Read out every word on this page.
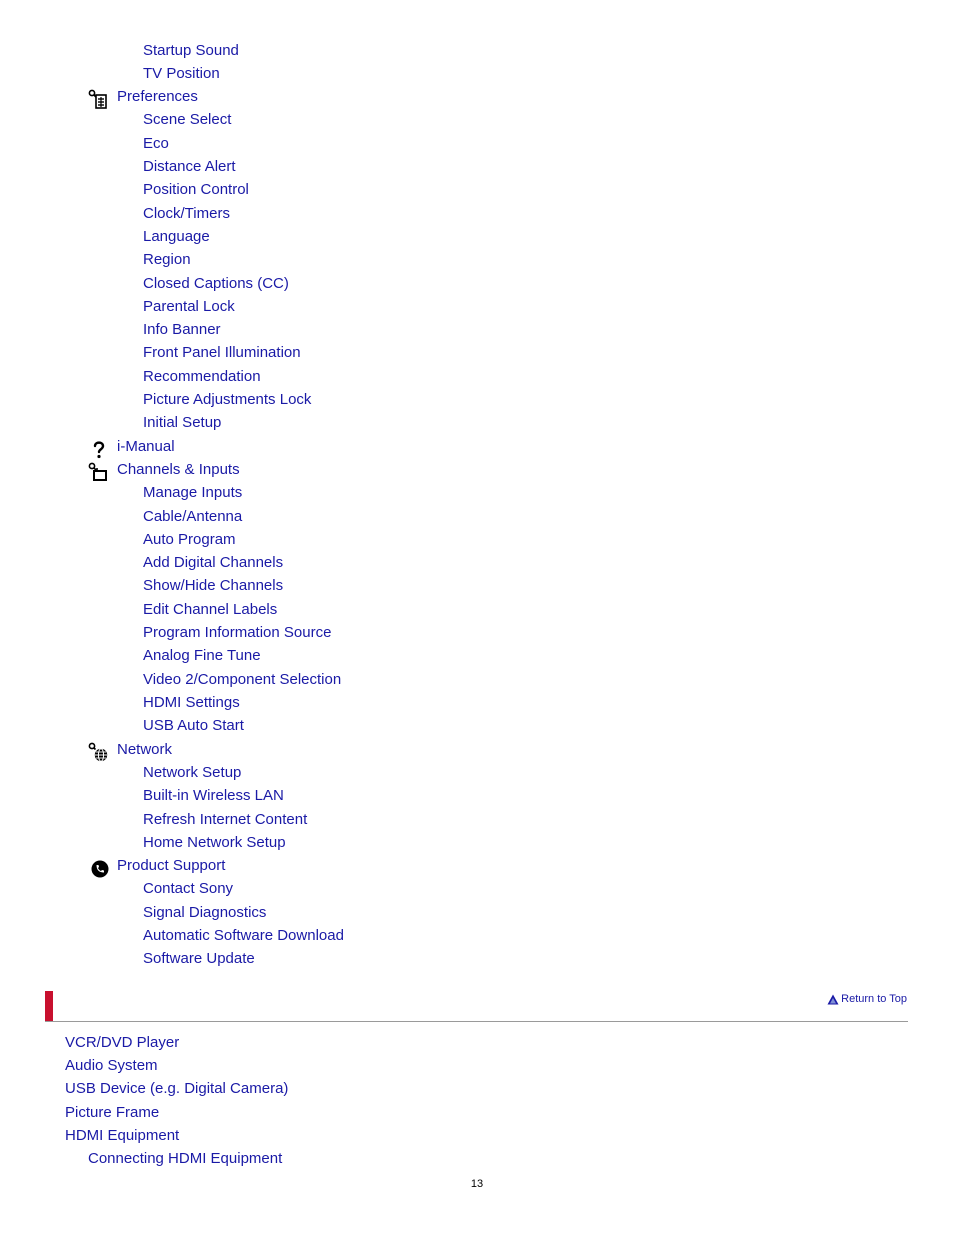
Startup Sound
TV Position
Preferences
Scene Select
Eco
Distance Alert
Position Control
Clock/Timers
Language
Region
Closed Captions (CC)
Parental Lock
Info Banner
Front Panel Illumination
Recommendation
Picture Adjustments Lock
Initial Setup
i-Manual
Channels & Inputs
Manage Inputs
Cable/Antenna
Auto Program
Add Digital Channels
Show/Hide Channels
Edit Channel Labels
Program Information Source
Analog Fine Tune
Video 2/Component Selection
HDMI Settings
USB Auto Start
Network
Network Setup
Built-in Wireless LAN
Refresh Internet Content
Home Network Setup
Product Support
Contact Sony
Signal Diagnostics
Automatic Software Download
Software Update
Return to Top
VCR/DVD Player
Audio System
USB Device (e.g. Digital Camera)
Picture Frame
HDMI Equipment
Connecting HDMI Equipment
13
